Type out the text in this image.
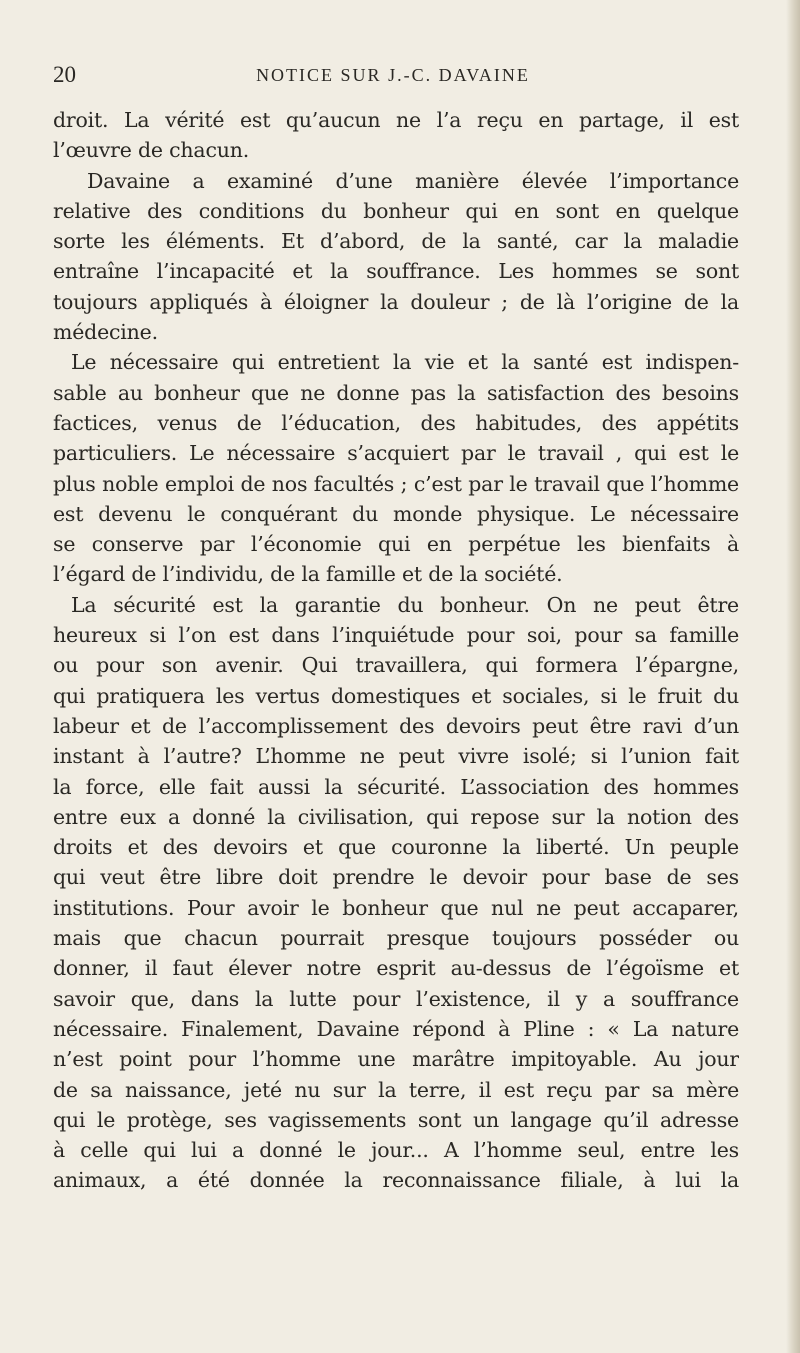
20	NOTICE SUR J.-C. DAVAINE
droit. La vérité est qu’aucun ne l’a reçu en partage, il est
l’œuvre de chacun.
Davaine a examiné d’une manière élevée l’importance
relative des conditions du bonheur qui en sont en quelque
sorte les éléments. Et d’abord, de la santé, car la maladie
entraîne l’incapacité et la souffrance. Les hommes se sont
toujours appliqués à éloigner la douleur ; de là l’origine de la
médecine.
Le nécessaire qui entretient la vie et la santé est indispen-
sable au bonheur que ne donne pas la satisfaction des besoins
factices, venus de l’éducation, des habitudes, des appétits
particuliers. Le nécessaire s’acquiert par le travail , qui est le
plus noble emploi de nos facultés ; c’est par le travail que l’homme
est devenu le conquérant du monde physique. Le nécessaire
se conserve par l’économie qui en perpétue les bienfaits à
l’égard de l’individu, de la famille et de la société.
La sécurité est la garantie du bonheur. On ne peut être
heureux si l’on est dans l’inquiétude pour soi, pour sa famille
ou pour son avenir. Qui travaillera, qui formera l’épargne,
qui pratiquera les vertus domestiques et sociales, si le fruit du
labeur et de l’accomplissement des devoirs peut être ravi d’un
instant à l’autre? L’homme ne peut vivre isolé; si l’union fait
la force, elle fait aussi la sécurité. L’association des hommes
entre eux a donné la civilisation, qui repose sur la notion des
droits et des devoirs et que couronne la liberté. Un peuple
qui veut être libre doit prendre le devoir pour base de ses
institutions. Pour avoir le bonheur que nul ne peut accaparer,
mais que chacun pourrait presque toujours posséder ou
donner, il faut élever notre esprit au-dessus de l’égoïsme et
savoir que, dans la lutte pour l’existence, il y a souffrance
nécessaire. Finalement, Davaine répond à Pline : « La nature
n’est point pour l’homme une marâtre impitoyable. Au jour
de sa naissance, jeté nu sur la terre, il est reçu par sa mère
qui le protège, ses vagissements sont un langage qu’il adresse
à celle qui lui a donné le jour... A l’homme seul, entre les
animaux, a été donnée la reconnaissance filiale, à lui la
